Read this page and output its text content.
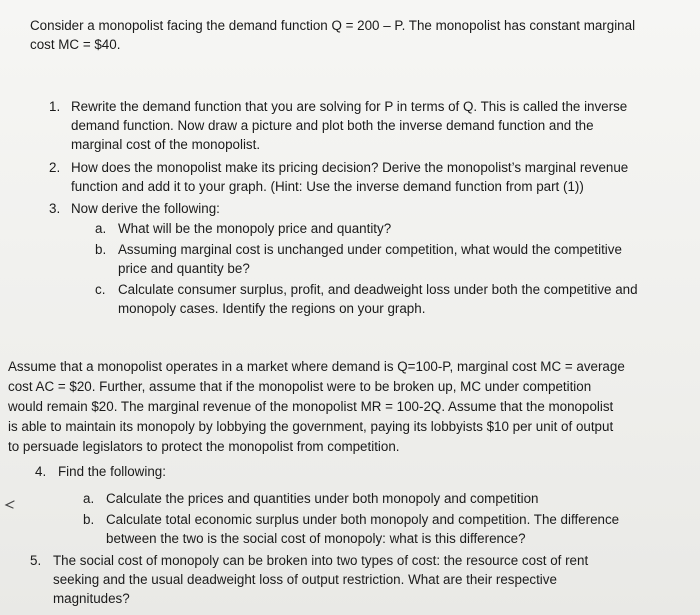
Consider a monopolist facing the demand function Q = 200 – P. The monopolist has constant marginal
cost MC = $40.
1. Rewrite the demand function that you are solving for P in terms of Q. This is called the inverse
demand function. Now draw a picture and plot both the inverse demand function and the
marginal cost of the monopolist.
2. How does the monopolist make its pricing decision? Derive the monopolist’s marginal revenue
function and add it to your graph. (Hint: Use the inverse demand function from part (1))
3. Now derive the following:
a. What will be the monopoly price and quantity?
b. Assuming marginal cost is unchanged under competition, what would the competitive
price and quantity be?
c. Calculate consumer surplus, profit, and deadweight loss under both the competitive and
monopoly cases. Identify the regions on your graph.
Assume that a monopolist operates in a market where demand is Q=100-P, marginal cost MC = average
cost AC = $20. Further, assume that if the monopolist were to be broken up, MC under competition
would remain $20. The marginal revenue of the monopolist MR = 100-2Q. Assume that the monopolist
is able to maintain its monopoly by lobbying the government, paying its lobbyists $10 per unit of output
to persuade legislators to protect the monopolist from competition.
4. Find the following:
a. Calculate the prices and quantities under both monopoly and competition
b. Calculate total economic surplus under both monopoly and competition. The difference
between the two is the social cost of monopoly: what is this difference?
5. The social cost of monopoly can be broken into two types of cost: the resource cost of rent
seeking and the usual deadweight loss of output restriction. What are their respective
magnitudes?
